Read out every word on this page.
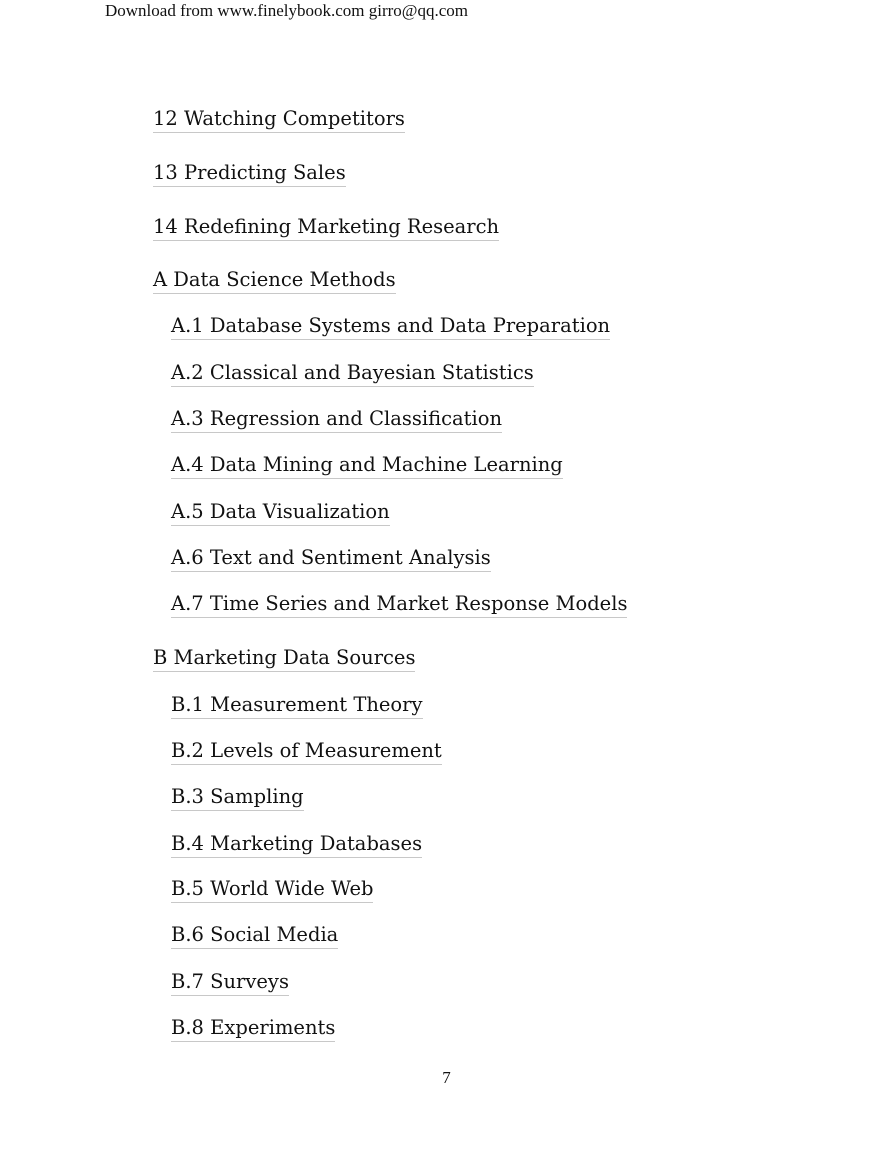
Download from www.finelybook.com girro@qq.com
12 Watching Competitors
13 Predicting Sales
14 Redefining Marketing Research
A Data Science Methods
A.1 Database Systems and Data Preparation
A.2 Classical and Bayesian Statistics
A.3 Regression and Classification
A.4 Data Mining and Machine Learning
A.5 Data Visualization
A.6 Text and Sentiment Analysis
A.7 Time Series and Market Response Models
B Marketing Data Sources
B.1 Measurement Theory
B.2 Levels of Measurement
B.3 Sampling
B.4 Marketing Databases
B.5 World Wide Web
B.6 Social Media
B.7 Surveys
B.8 Experiments
7
